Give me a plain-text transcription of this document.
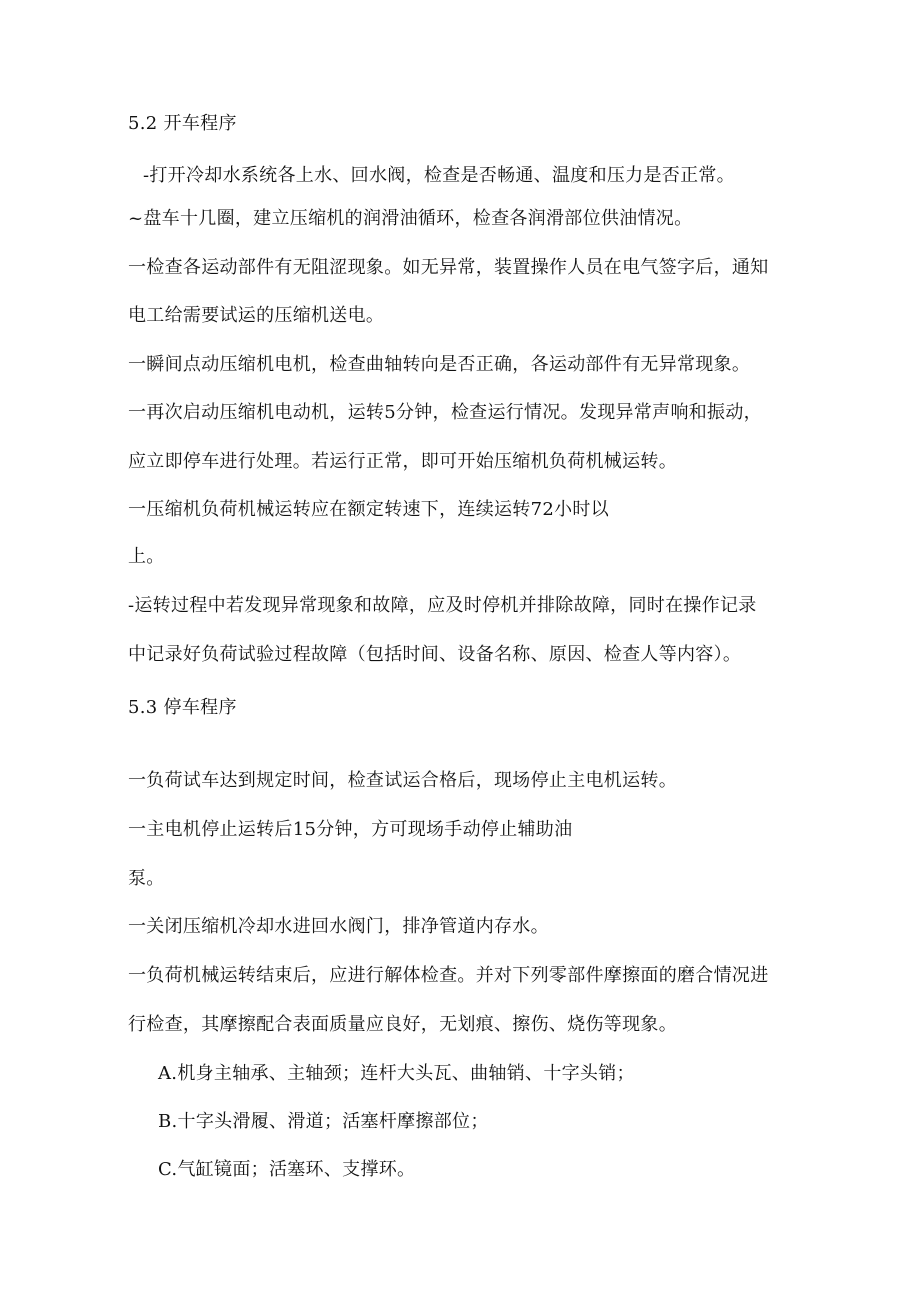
5.2 开车程序
-打开冷却水系统各上水、回水阀，检查是否畅通、温度和压力是否正常。
~盘车十几圈，建立压缩机的润滑油循环，检查各润滑部位供油情况。
一检查各运动部件有无阻涩现象。如无异常，装置操作人员在电气签字后，通知
电工给需要试运的压缩机送电。
一瞬间点动压缩机电机，检查曲轴转向是否正确，各运动部件有无异常现象。
一再次启动压缩机电动机，运转5分钟，检查运行情况。发现异常声响和振动，
应立即停车进行处理。若运行正常，即可开始压缩机负荷机械运转。
一压缩机负荷机械运转应在额定转速下，连续运转72小时以
上。
-运转过程中若发现异常现象和故障，应及时停机并排除故障，同时在操作记录
中记录好负荷试验过程故障（包括时间、设备名称、原因、检查人等内容）。
5.3 停车程序
一负荷试车达到规定时间，检查试运合格后，现场停止主电机运转。
一主电机停止运转后15分钟，方可现场手动停止辅助油
泵。
一关闭压缩机冷却水进回水阀门，排净管道内存水。
一负荷机械运转结束后，应进行解体检查。并对下列零部件摩擦面的磨合情况进
行检查，其摩擦配合表面质量应良好，无划痕、擦伤、烧伤等现象。
A.机身主轴承、主轴颈；连杆大头瓦、曲轴销、十字头销；
B.十字头滑履、滑道；活塞杆摩擦部位；
C.气缸镜面；活塞环、支撑环。
